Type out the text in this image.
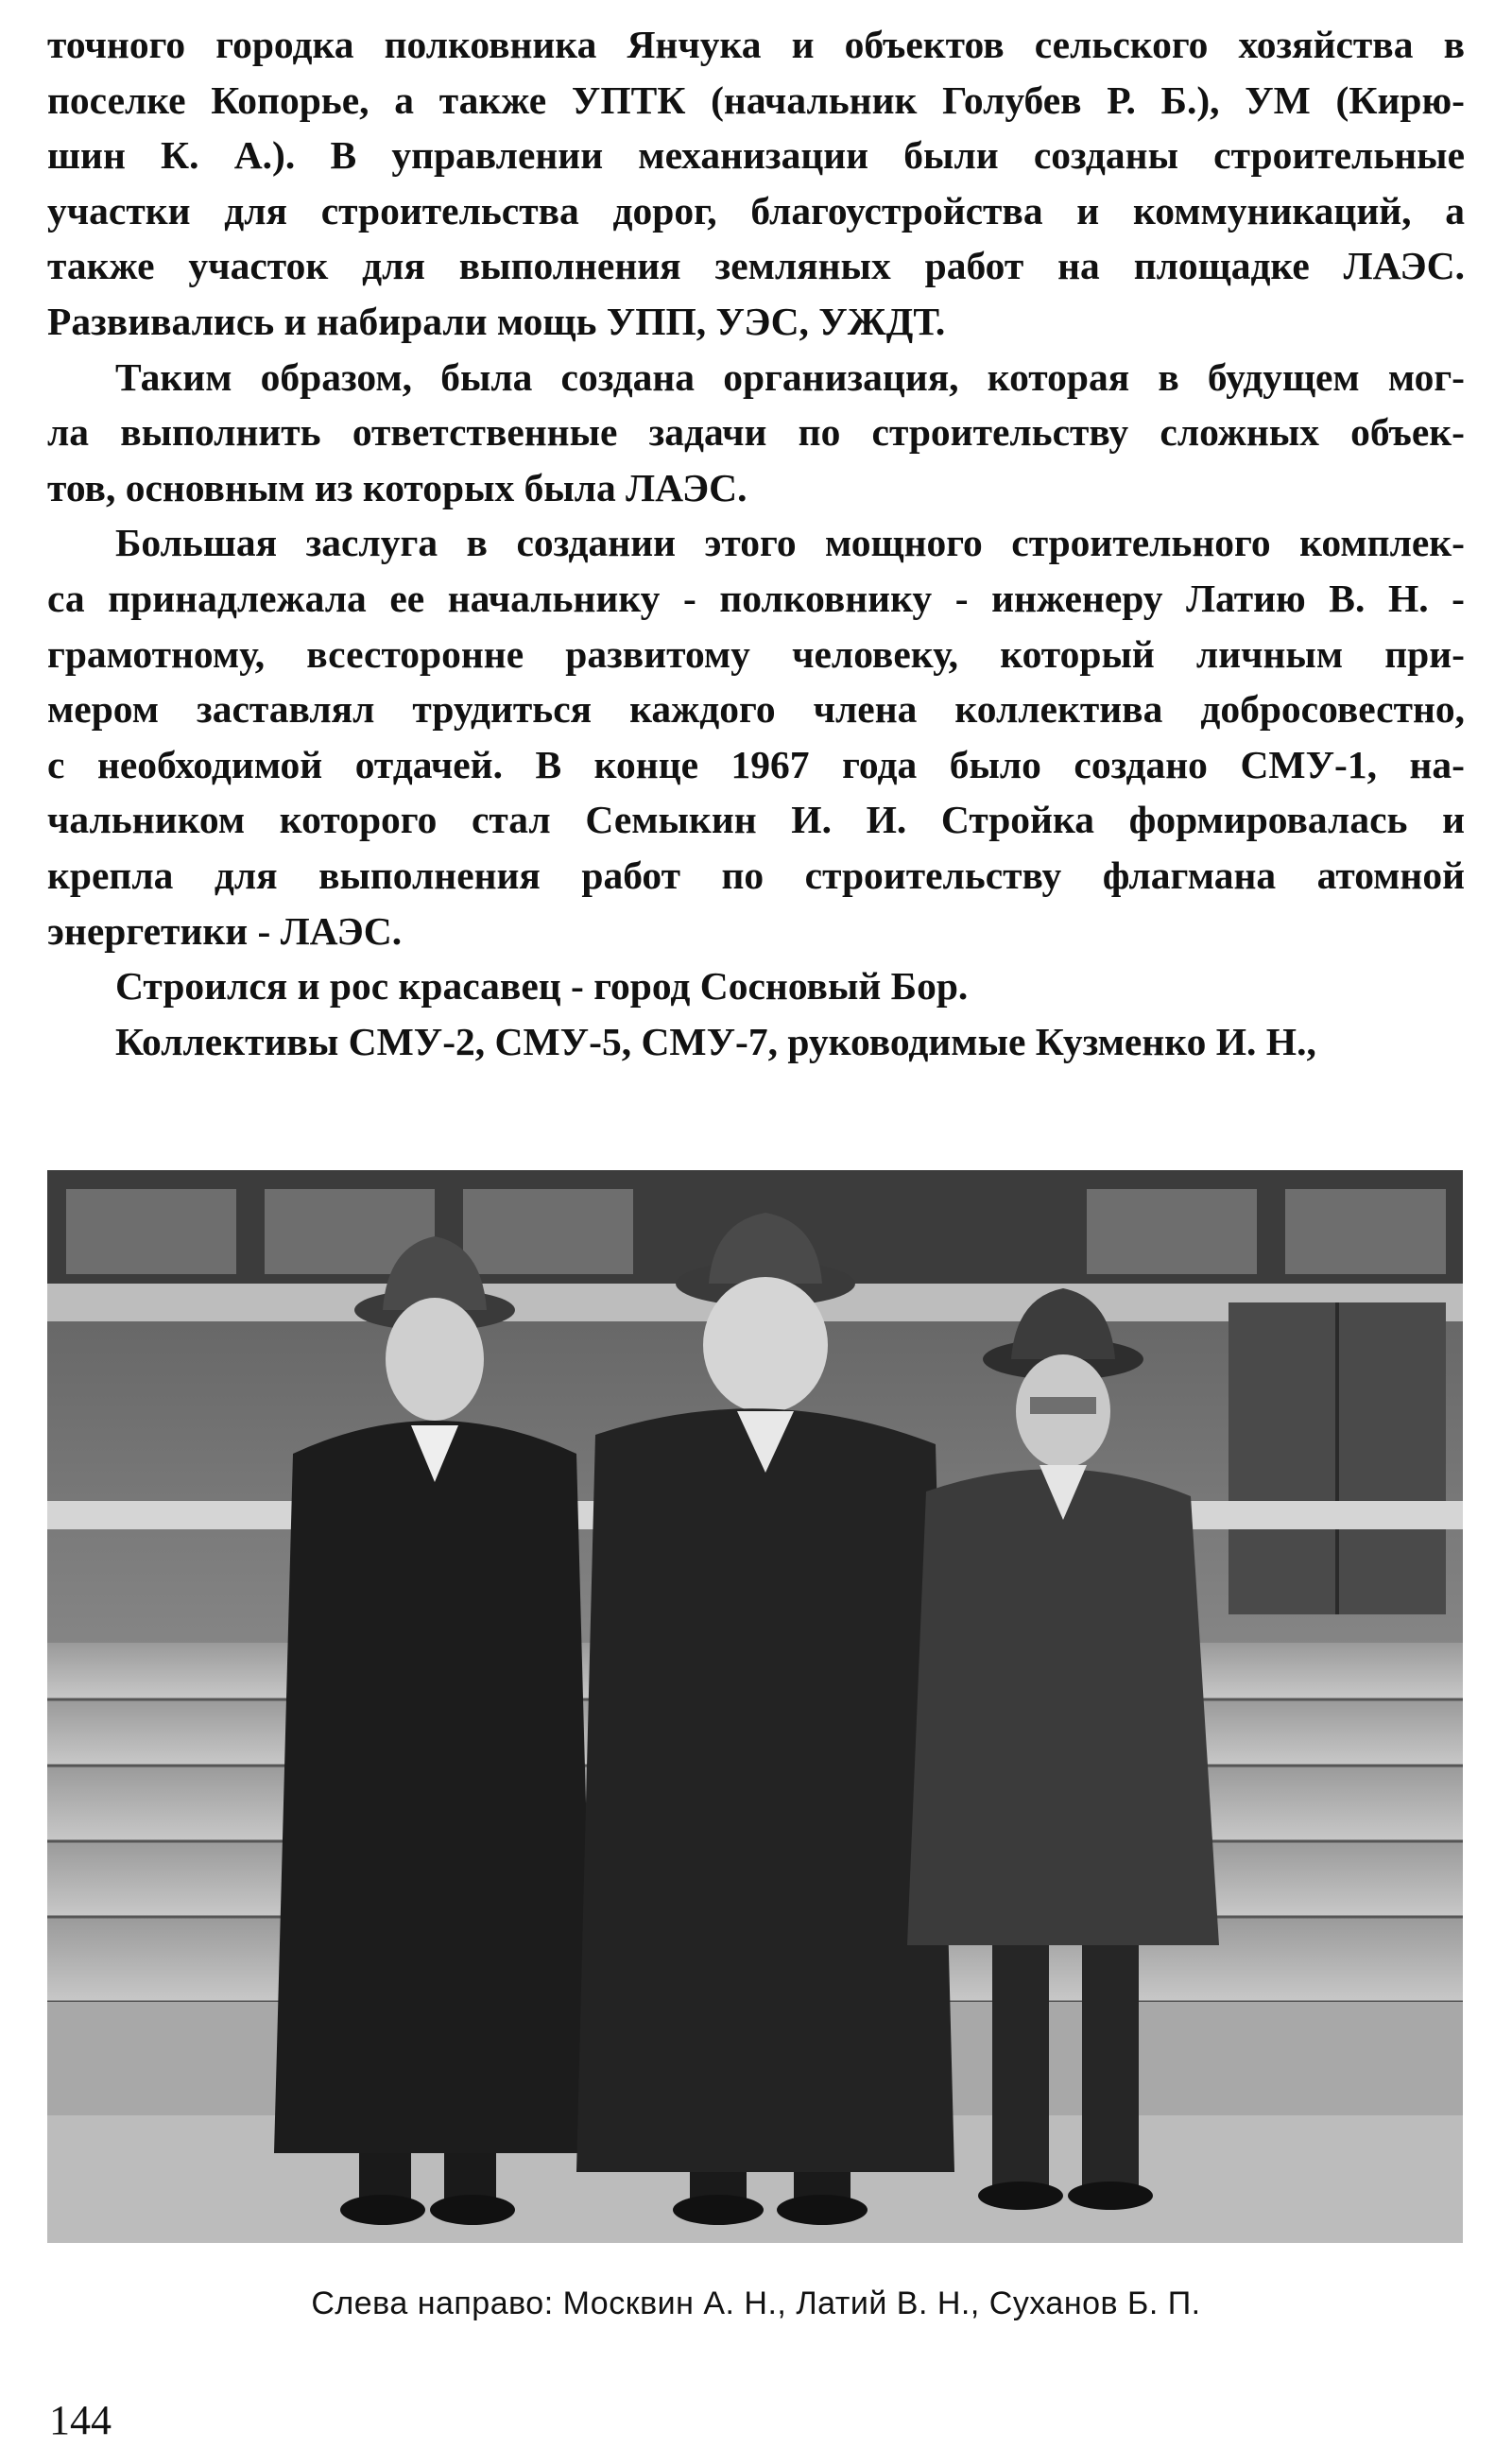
точного городка полковника Янчука и объектов сельского хозяйства в
поселке Копорье, а также УПТК (начальник Голубев Р. Б.), УМ (Кирю-
шин К. А.). В управлении механизации были созданы строительные
участки для строительства дорог, благоустройства и коммуникаций, а
также участок для выполнения земляных работ на площадке ЛАЭС.
Развивались и набирали мощь УПП, УЭС, УЖДТ.
Таким образом, была создана организация, которая в будущем мог-
ла выполнить ответственные задачи по строительству сложных объек-
тов, основным из которых была ЛАЭС.
Большая заслуга в создании этого мощного строительного комплек-
са принадлежала ее начальнику - полковнику - инженеру Латию В. Н. -
грамотному, всесторонне развитому человеку, который личным при-
мером заставлял трудиться каждого члена коллектива добросовестно,
с необходимой отдачей. В конце 1967 года было создано СМУ-1, на-
чальником которого стал Семыкин И. И. Стройка формировалась и
крепла для выполнения работ по строительству флагмана атомной
энергетики - ЛАЭС.
Строился и рос красавец - город Сосновый Бор.
Коллективы СМУ-2, СМУ-5, СМУ-7, руководимые Кузменко И. Н.,
Слева направо: Москвин А. Н., Латий В. Н., Суханов Б. П.
144
